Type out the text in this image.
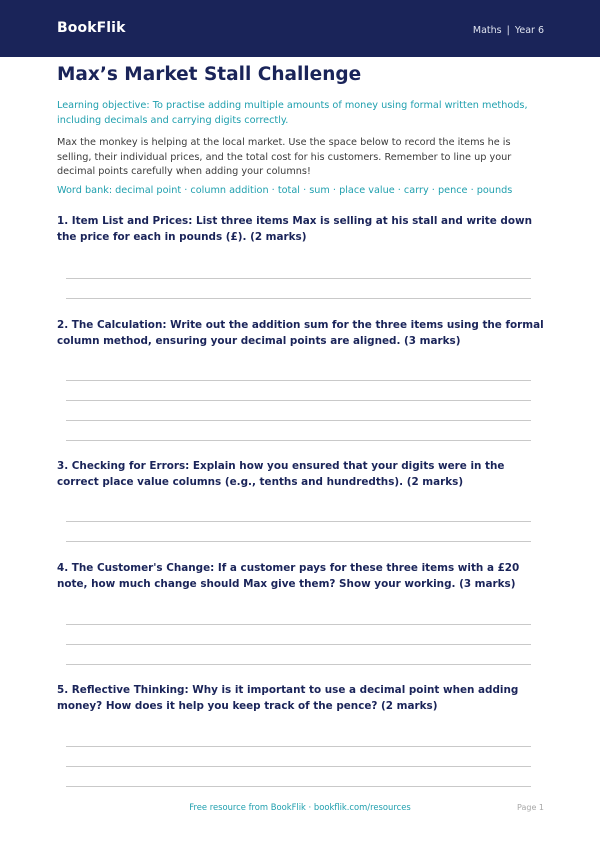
BookFlik	Maths | Year 6
Max’s Market Stall Challenge
Learning objective: To practise adding multiple amounts of money using formal written methods, including decimals and carrying digits correctly.
Max the monkey is helping at the local market. Use the space below to record the items he is selling, their individual prices, and the total cost for his customers. Remember to line up your decimal points carefully when adding your columns!
Word bank: decimal point · column addition · total · sum · place value · carry · pence · pounds
1. Item List and Prices: List three items Max is selling at his stall and write down the price for each in pounds (£). (2 marks)
2. The Calculation: Write out the addition sum for the three items using the formal column method, ensuring your decimal points are aligned. (3 marks)
3. Checking for Errors: Explain how you ensured that your digits were in the correct place value columns (e.g., tenths and hundredths). (2 marks)
4. The Customer's Change: If a customer pays for these three items with a £20 note, how much change should Max give them? Show your working. (3 marks)
5. Reflective Thinking: Why is it important to use a decimal point when adding money? How does it help you keep track of the pence? (2 marks)
Free resource from BookFlik · bookflik.com/resources	Page 1
